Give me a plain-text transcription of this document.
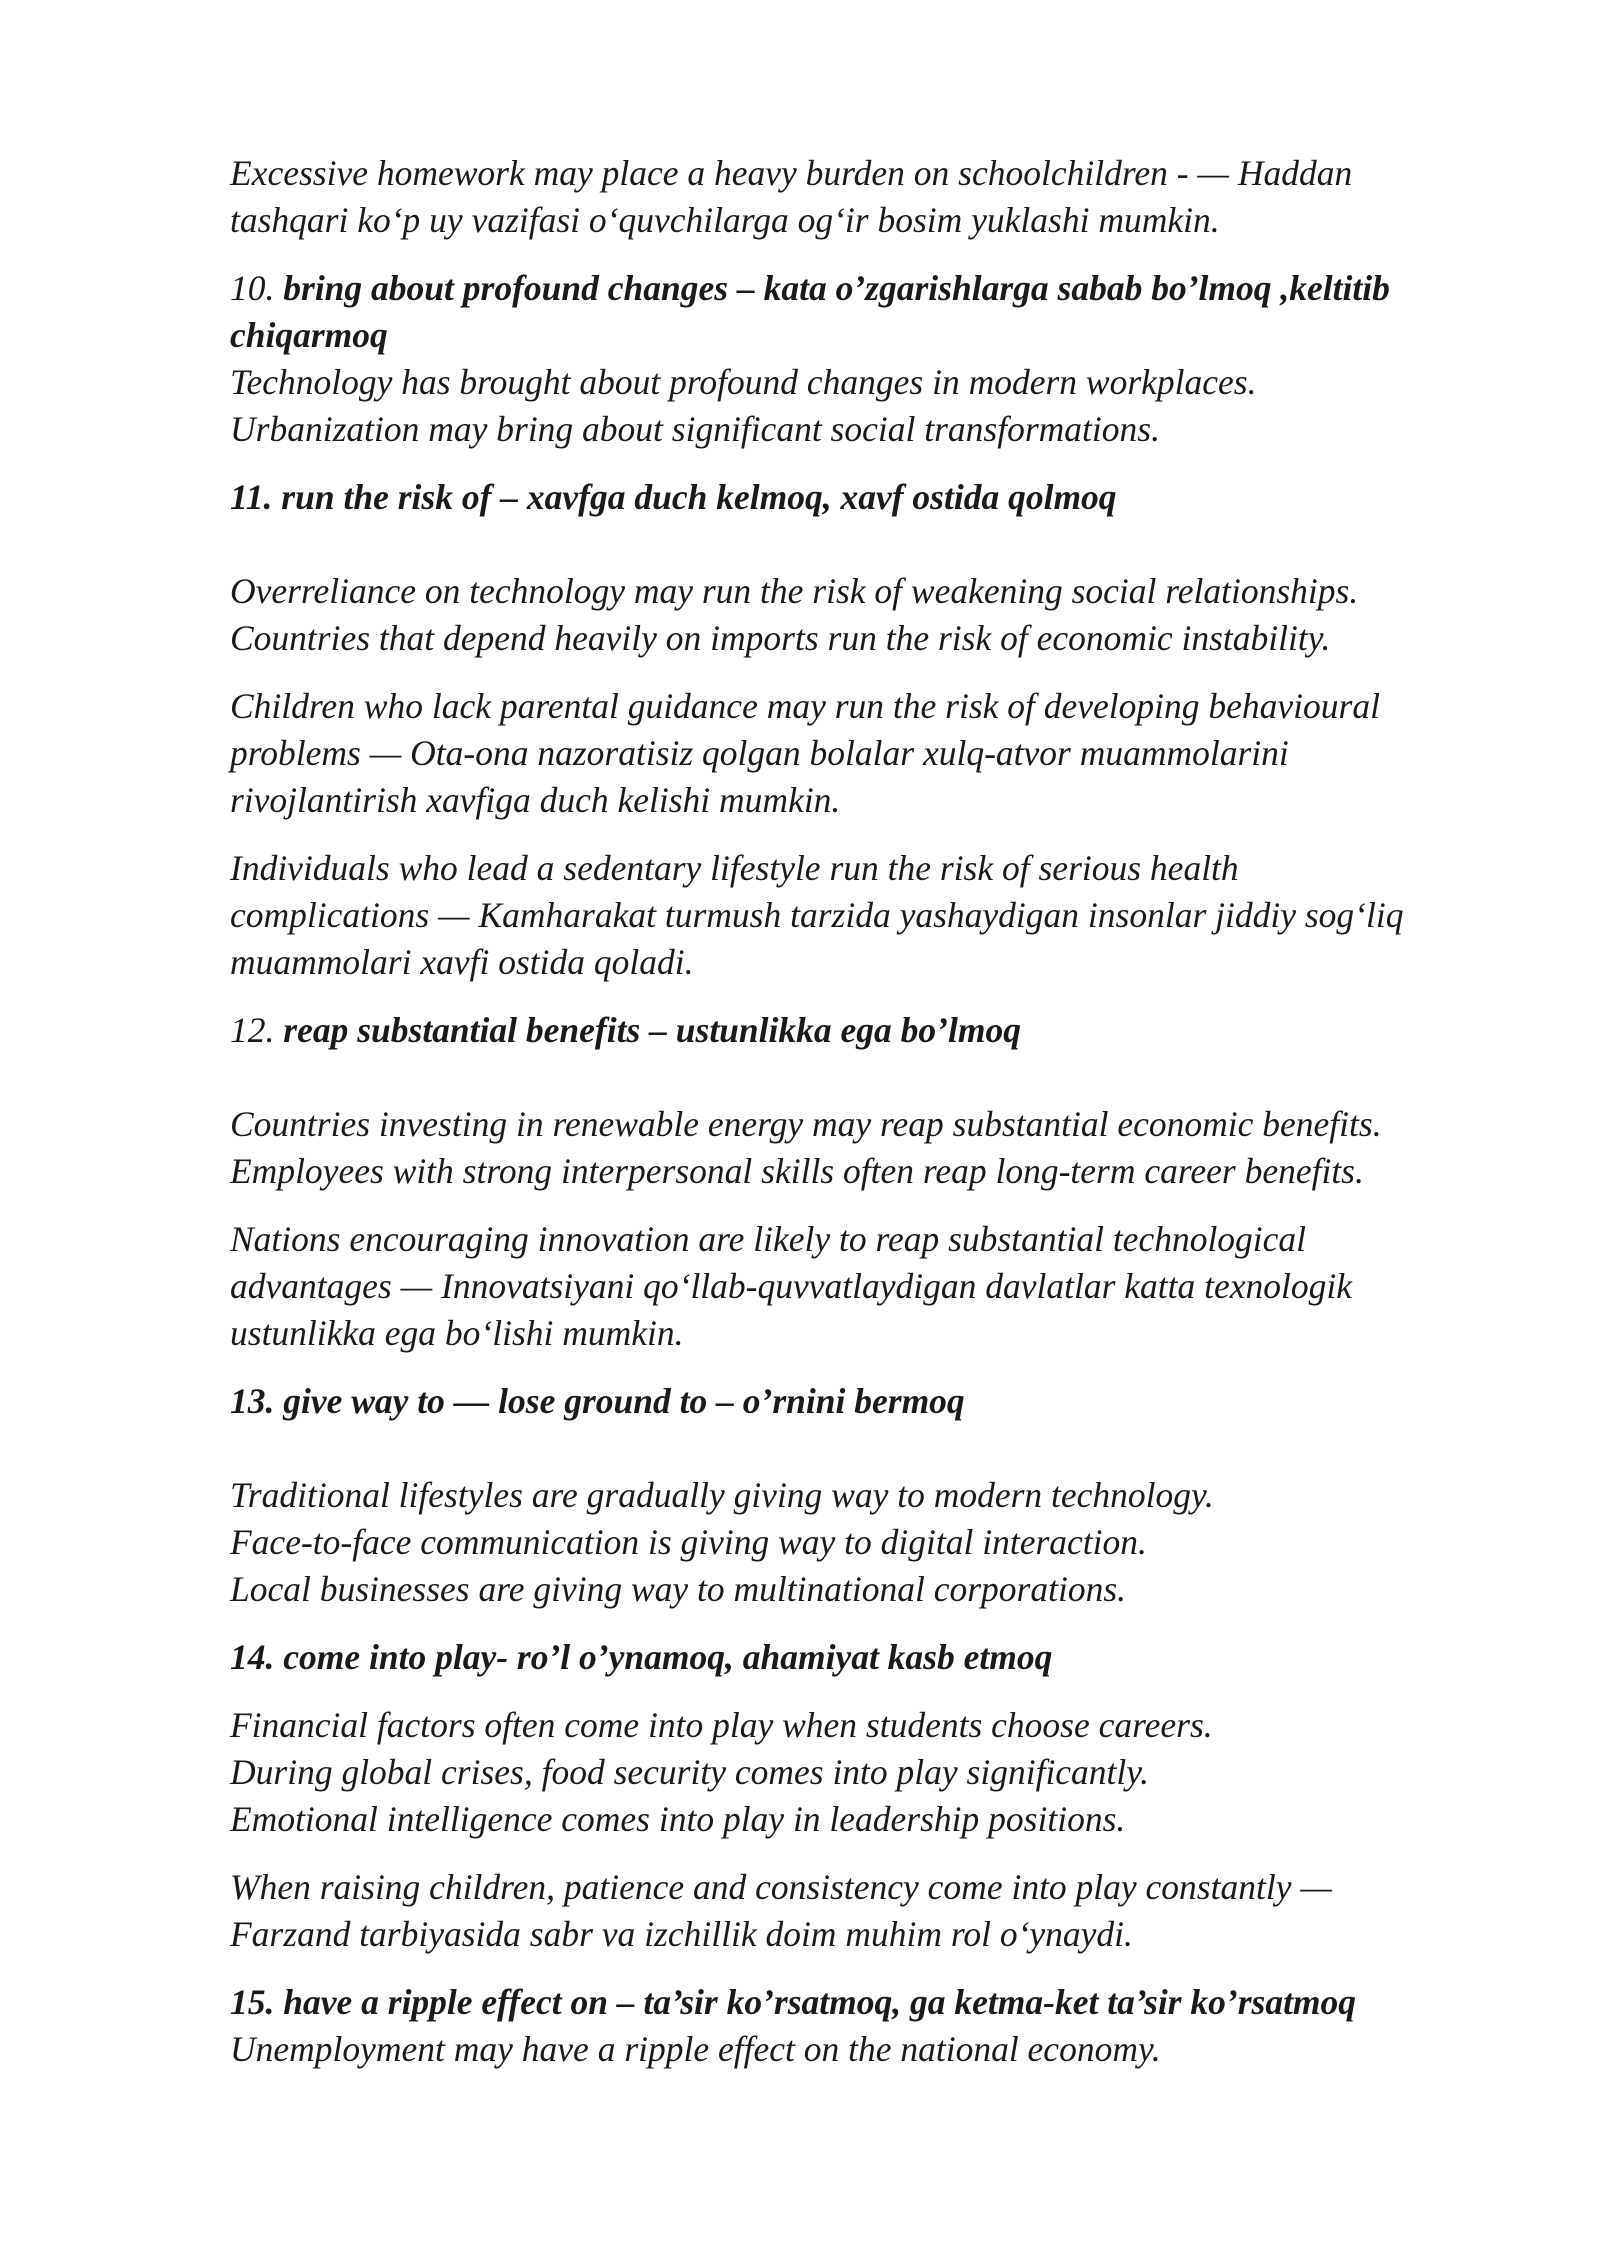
Excessive homework may place a heavy burden on schoolchildren - — Haddan
tashqari ko‘p uy vazifasi o‘quvchilarga og‘ir bosim yuklashi mumkin.

10. bring about profound changes – kata o’zgarishlarga sabab bo’lmoq ,keltitib
chiqarmoq

Technology has brought about profound changes in modern workplaces.
Urbanization may bring about significant social transformations.

11. run the risk of – xavfga duch kelmoq, xavf ostida qolmoq

Overreliance on technology may run the risk of weakening social relationships.
Countries that depend heavily on imports run the risk of economic instability.

Children who lack parental guidance may run the risk of developing behavioural
problems — Ota-ona nazoratisiz qolgan bolalar xulq-atvor muammolarini
rivojlantirish xavfiga duch kelishi mumkin.

Individuals who lead a sedentary lifestyle run the risk of serious health
complications — Kamharakat turmush tarzida yashaydigan insonlar jiddiy sog‘liq
muammolari xavfi ostida qoladi.

12. reap substantial benefits – ustunlikka ega bo’lmoq

Countries investing in renewable energy may reap substantial economic benefits.
Employees with strong interpersonal skills often reap long-term career benefits.

Nations encouraging innovation are likely to reap substantial technological
advantages — Innovatsiyani qo‘llab-quvvatlaydigan davlatlar katta texnologik
ustunlikka ega bo‘lishi mumkin.

13. give way to — lose ground to – o’rnini bermoq

Traditional lifestyles are gradually giving way to modern technology.
Face-to-face communication is giving way to digital interaction.
Local businesses are giving way to multinational corporations.

14. come into play- ro’l o’ynamoq, ahamiyat kasb etmoq

Financial factors often come into play when students choose careers.
During global crises, food security comes into play significantly.
Emotional intelligence comes into play in leadership positions.

When raising children, patience and consistency come into play constantly —
Farzand tarbiyasida sabr va izchillik doim muhim rol o‘ynaydi.

15. have a ripple effect on – ta’sir ko’rsatmoq, ga ketma-ket ta’sir ko’rsatmoq

Unemployment may have a ripple effect on the national economy.
